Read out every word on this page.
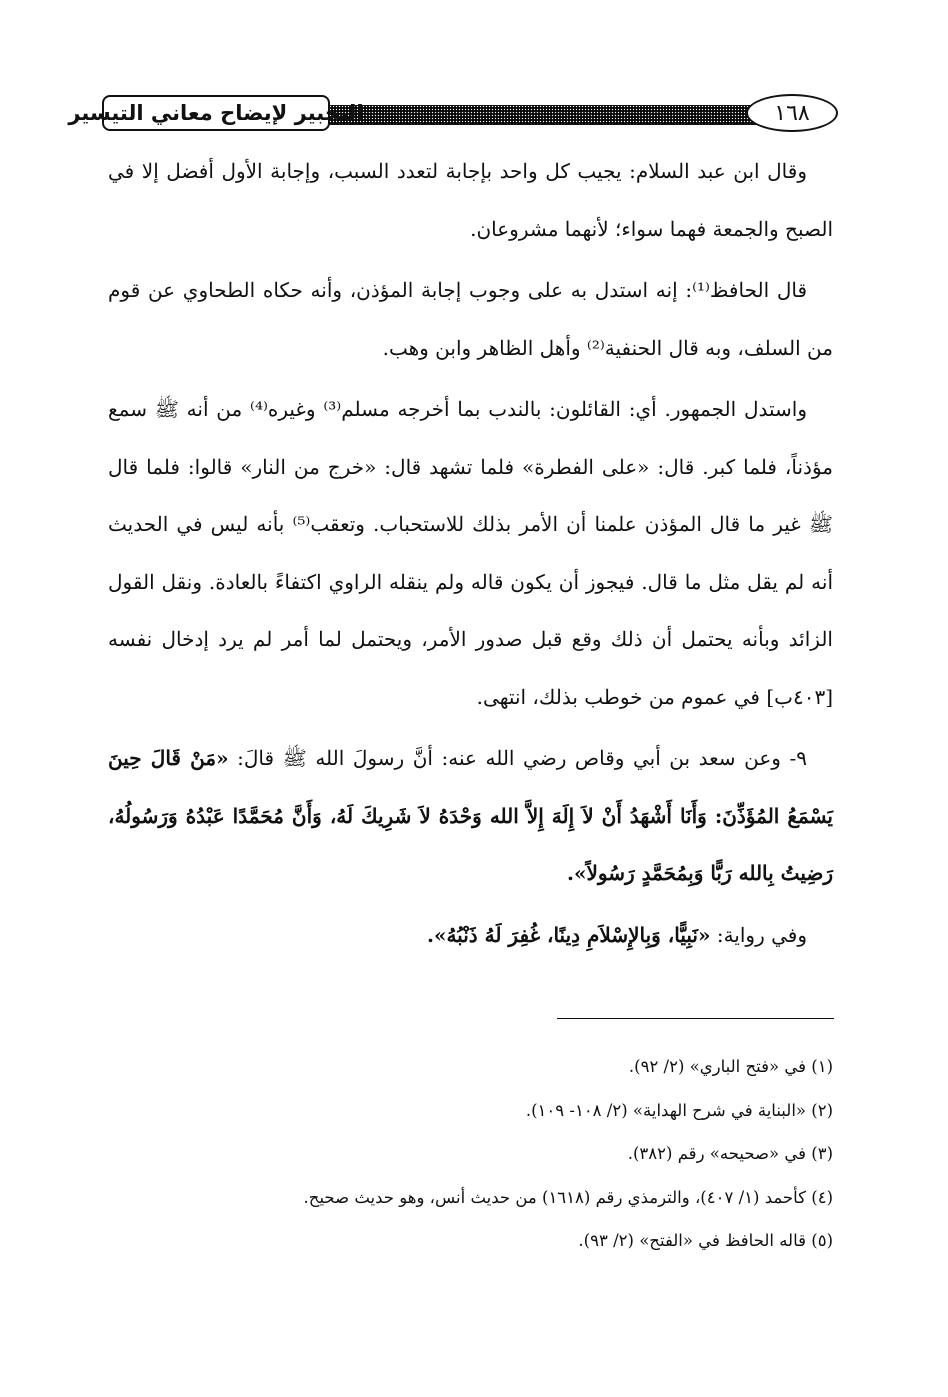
التحبير لإيضاح معاني التيسير	١٦٨

وقال ابن عبد السلام: يجيب كل واحد بإجابة لتعدد السبب، وإجابة الأول أفضل إلا في الصبح والجمعة فهما سواء؛ لأنهما مشروعان.

قال الحافظ⁽¹⁾: إنه استدل به على وجوب إجابة المؤذن، وأنه حكاه الطحاوي عن قوم من السلف، وبه قال الحنفية⁽²⁾ وأهل الظاهر وابن وهب.

واستدل الجمهور. أي: القائلون: بالندب بما أخرجه مسلم⁽³⁾ وغيره⁽⁴⁾ من أنه ﷺ سمع مؤذناً، فلما كبر. قال: «على الفطرة» فلما تشهد قال: «خرج من النار» قالوا: فلما قال ﷺ غير ما قال المؤذن علمنا أن الأمر بذلك للاستحباب. وتعقب⁽⁵⁾ بأنه ليس في الحديث أنه لم يقل مثل ما قال. فيجوز أن يكون قاله ولم ينقله الراوي اكتفاءً بالعادة. ونقل القول الزائد وبأنه يحتمل أن ذلك وقع قبل صدور الأمر، ويحتمل لما أمر لم يرد إدخال نفسه [٤٠٣ب] في عموم من خوطب بذلك، انتهى.

٩- وعن سعد بن أبي وقاص رضي الله عنه: أنَّ رسولَ الله ﷺ قالَ: «مَنْ قَالَ حِينَ يَسْمَعُ المُؤَذِّنَ: وَأَنَا أَشْهَدُ أَنْ لاَ إِلَهَ إِلاَّ الله وَحْدَهُ لاَ شَرِيكَ لَهُ، وَأَنَّ مُحَمَّدًا عَبْدُهُ وَرَسُولُهُ، رَضِيتُ بِالله رَبًّا وَبِمُحَمَّدٍ رَسُولاً».

وفي رواية: «نَبِيًّا، وَبِالإِسْلاَمِ دِينًا، غُفِرَ لَهُ ذَنْبُهُ».

(١) في «فتح الباري» (٢/ ٩٢).

(٢) «البناية في شرح الهداية» (٢/ ١٠٨- ١٠٩).

(٣) في «صحيحه» رقم (٣٨٢).

(٤) كأحمد (١/ ٤٠٧)، والترمذي رقم (١٦١٨) من حديث أنس، وهو حديث صحيح.

(٥) قاله الحافظ في «الفتح» (٢/ ٩٣).
